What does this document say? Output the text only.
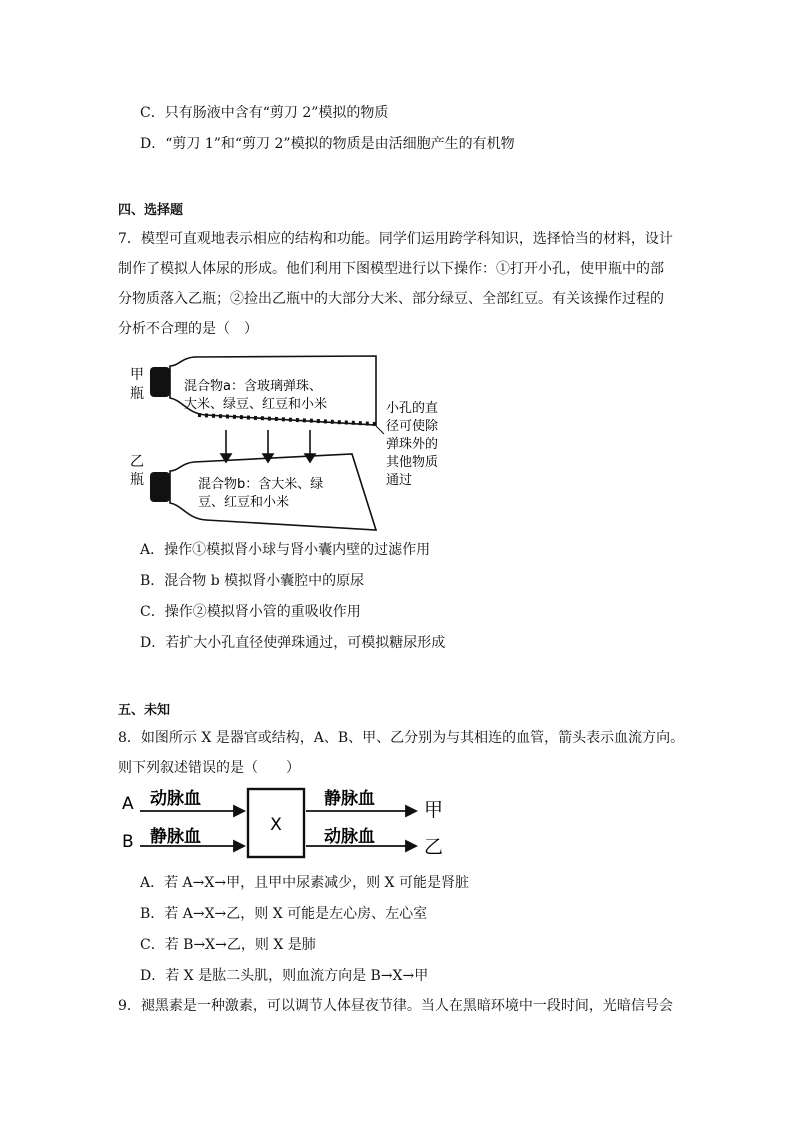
C．只有肠液中含有“剪刀 2”模拟的物质
D．“剪刀 1”和“剪刀 2”模拟的物质是由活细胞产生的有机物
四、选择题
7．模型可直观地表示相应的结构和功能。同学们运用跨学科知识，选择恰当的材料，设计
制作了模拟人体尿的形成。他们利用下图模型进行以下操作：①打开小孔，使甲瓶中的部
分物质落入乙瓶；②捡出乙瓶中的大部分大米、部分绿豆、全部红豆。有关该操作过程的
分析不合理的是（　）
甲
瓶	混合物a：含玻璃弹珠、
大米、绿豆、红豆和小米
乙
瓶	混合物b：含大米、绿
豆、红豆和小米
小孔的直
径可使除
弹珠外的
其他物质
通过
A．操作①模拟肾小球与肾小囊内壁的过滤作用
B．混合物 b 模拟肾小囊腔中的原尿
C．操作②模拟肾小管的重吸收作用
D．若扩大小孔直径使弹珠通过，可模拟糖尿形成
五、未知
8．如图所示 X 是器官或结构，A、B、甲、乙分别为与其相连的血管，箭头表示血流方向。
则下列叙述错误的是（　　）
A
B
动脉血
静脉血
X
静脉血
动脉血
甲
乙
A．若 A→X→甲，且甲中尿素减少，则 X 可能是肾脏
B．若 A→X→乙，则 X 可能是左心房、左心室
C．若 B→X→乙，则 X 是肺
D．若 X 是肱二头肌，则血流方向是 B→X→甲
9．褪黑素是一种激素，可以调节人体昼夜节律。当人在黑暗环境中一段时间，光暗信号会
